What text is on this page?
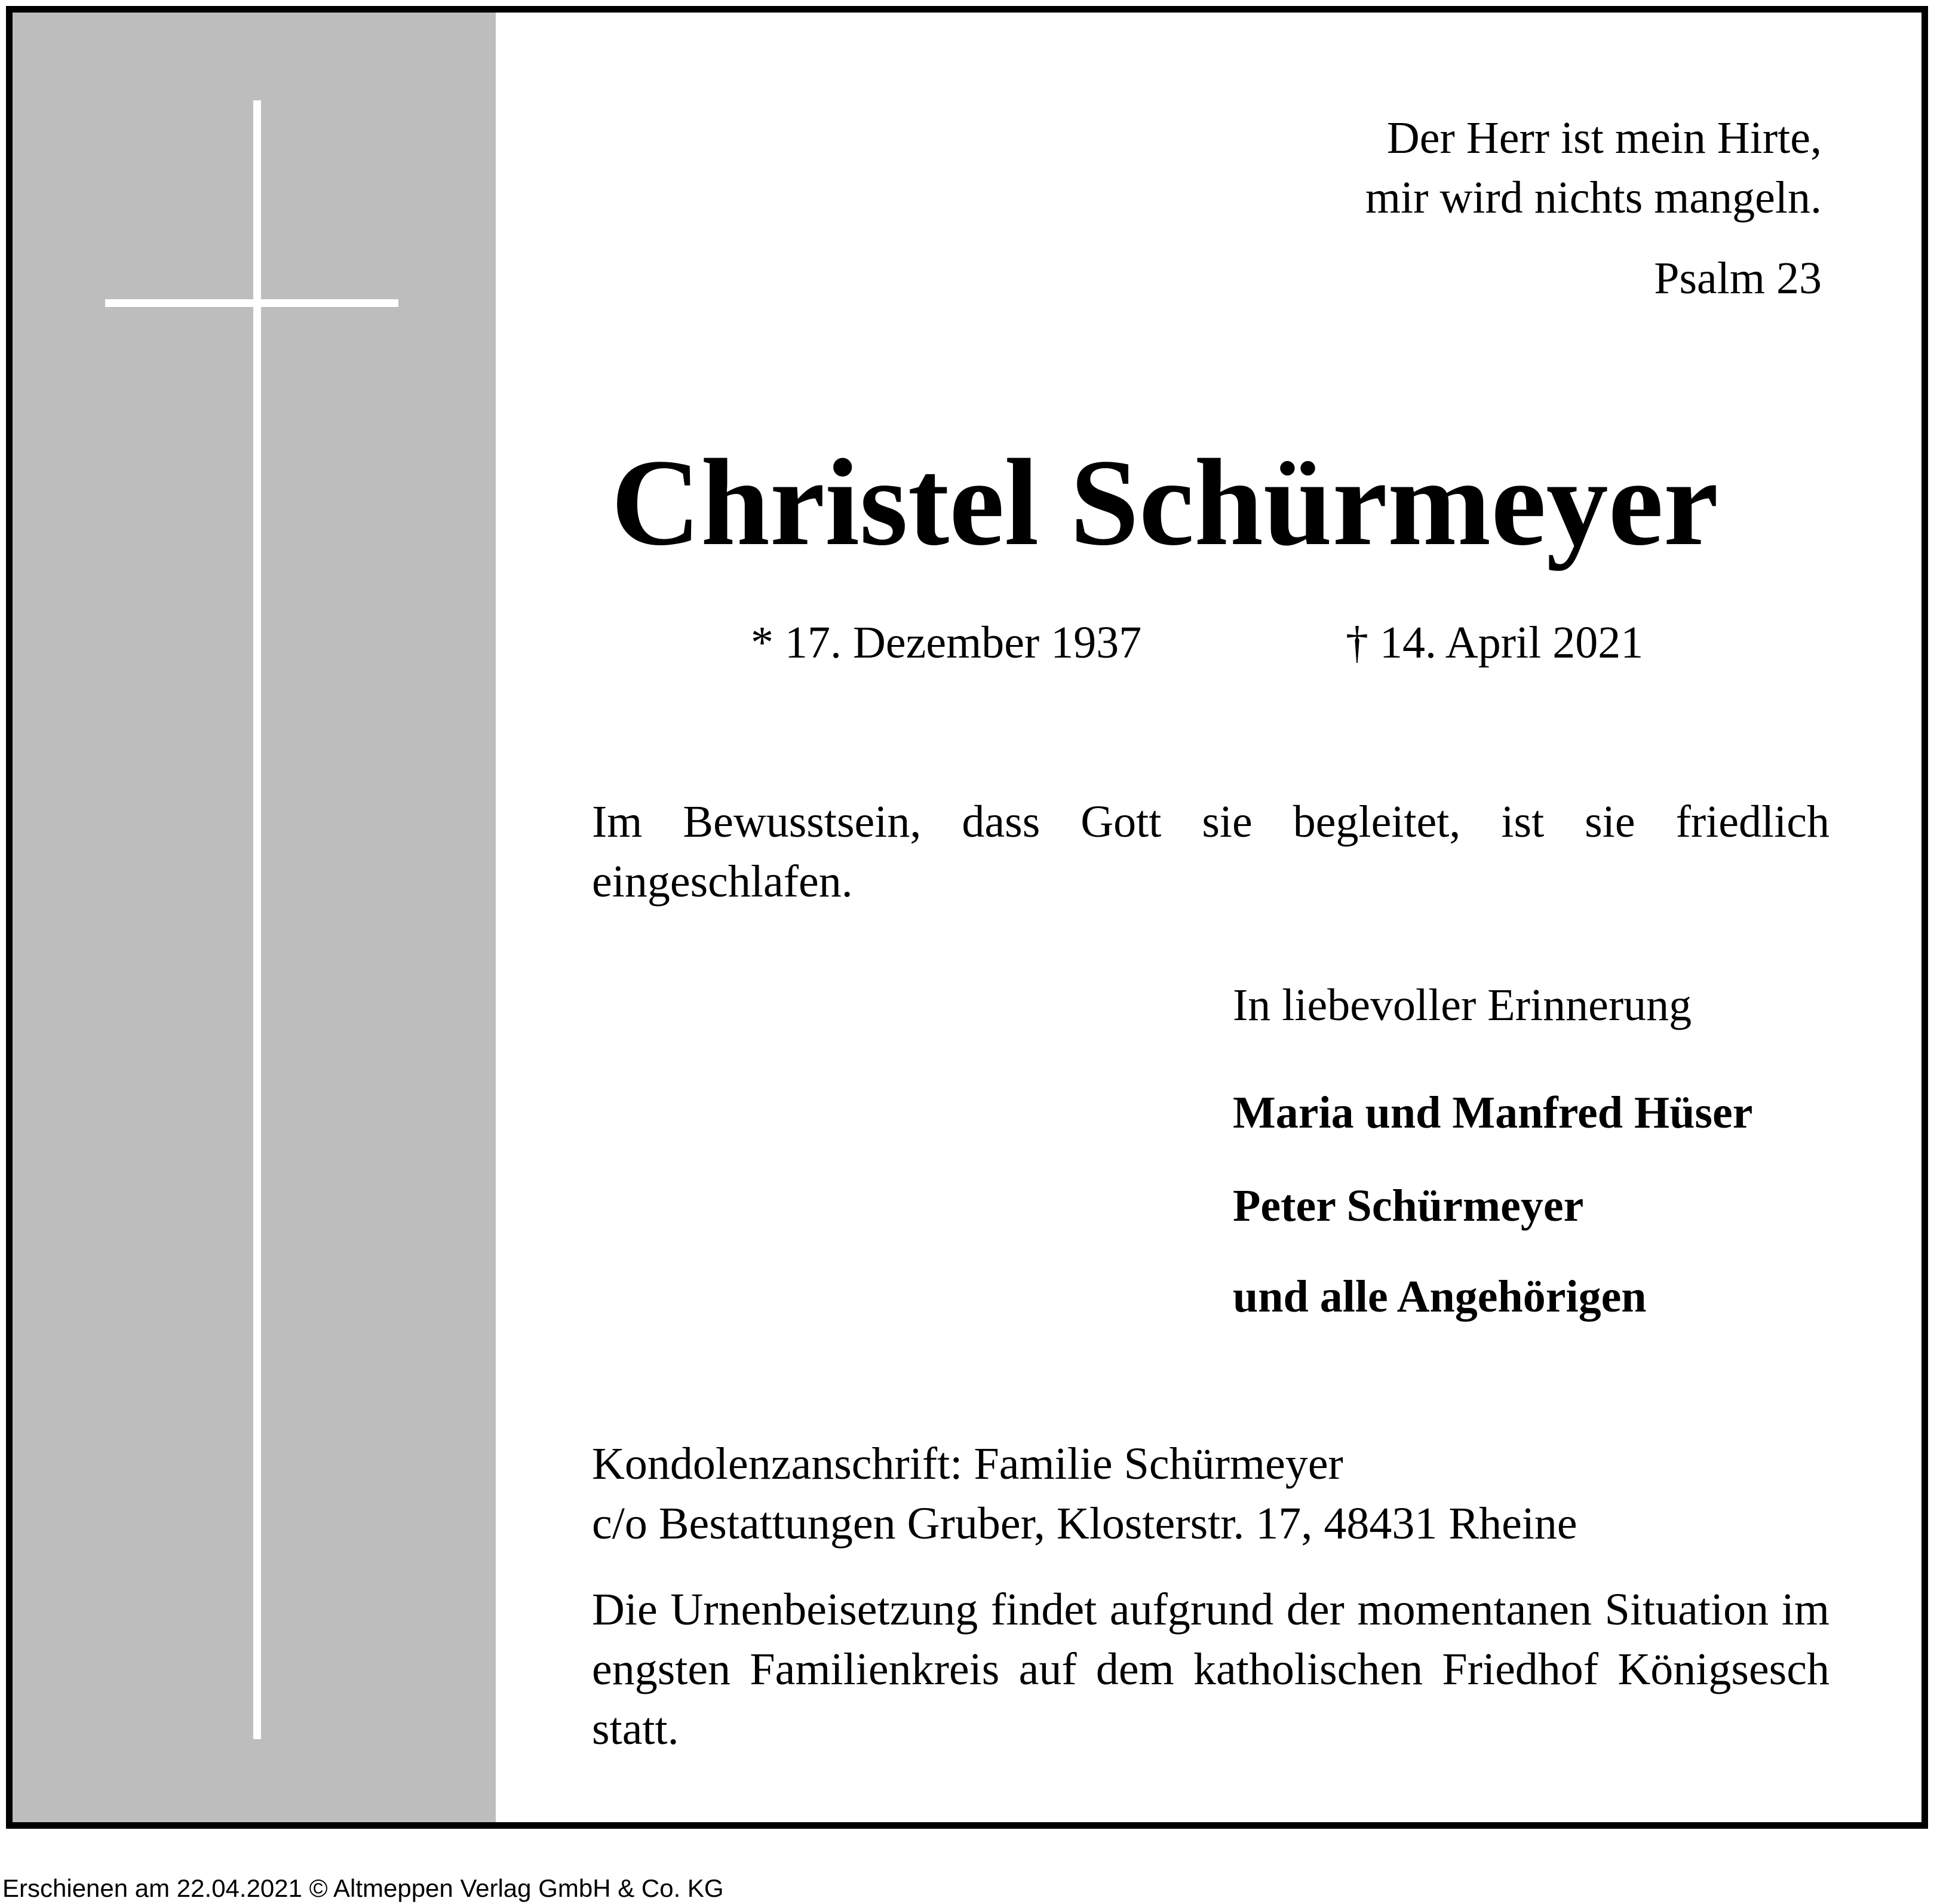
Der Herr ist mein Hirte,
mir wird nichts mangeln.
Psalm 23
Christel Schürmeyer
* 17. Dezember 1937	† 14. April 2021
Im Bewusstsein, dass Gott sie begleitet, ist sie friedlich eingeschlafen.
In liebevoller Erinnerung
Maria und Manfred Hüser
Peter Schürmeyer
und alle Angehörigen
Kondolenzanschrift: Familie Schürmeyer
c/o Bestattungen Gruber, Klosterstr. 17, 48431 Rheine
Die Urnenbeisetzung findet aufgrund der momentanen Situation im engsten Familienkreis auf dem katholischen Friedhof Königsesch statt.
Erschienen am 22.04.2021 © Altmeppen Verlag GmbH & Co. KG
